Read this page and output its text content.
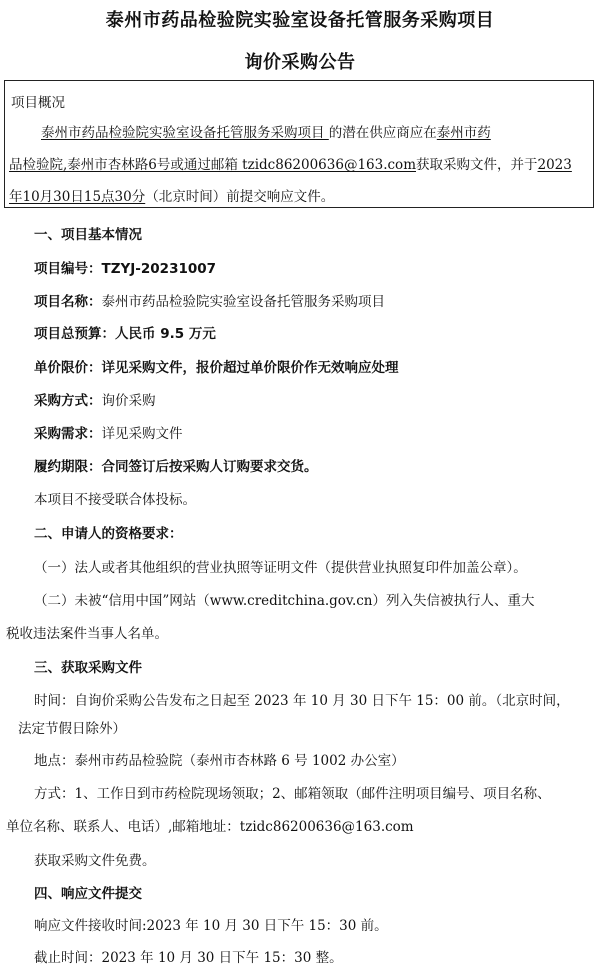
泰州市药品检验院实验室设备托管服务采购项目
询价采购公告
项目概况
泰州市药品检验院实验室设备托管服务采购项目 的潜在供应商应在泰州市药
品检验院,泰州市杏林路6号或通过邮箱 tzidc86200636@163.com获取采购文件，并于2023
年10月30日15点30分（北京时间）前提交响应文件。
一、项目基本情况
项目编号：TZYJ-20231007
项目名称：泰州市药品检验院实验室设备托管服务采购项目
项目总预算：人民币 9.5 万元
单价限价：详见采购文件，报价超过单价限价作无效响应处理
采购方式：询价采购
采购需求：详见采购文件
履约期限：合同签订后按采购人订购要求交货。
本项目不接受联合体投标。
二、申请人的资格要求：
（一）法人或者其他组织的营业执照等证明文件（提供营业执照复印件加盖公章）。
（二）未被“信用中国”网站（www.creditchina.gov.cn）列入失信被执行人、重大
税收违法案件当事人名单。
三、获取采购文件
时间：自询价采购公告发布之日起至 2023 年 10 月 30 日下午 15：00 前。（北京时间，
法定节假日除外）
地点：泰州市药品检验院（泰州市杏林路 6 号 1002 办公室）
方式：1、工作日到市药检院现场领取；2、邮箱领取（邮件注明项目编号、项目名称、
单位名称、联系人、电话）,邮箱地址：tzidc86200636@163.com
获取采购文件免费。
四、响应文件提交
响应文件接收时间:2023 年 10 月 30 日下午 15：30 前。
截止时间：2023 年 10 月 30 日下午 15：30 整。
